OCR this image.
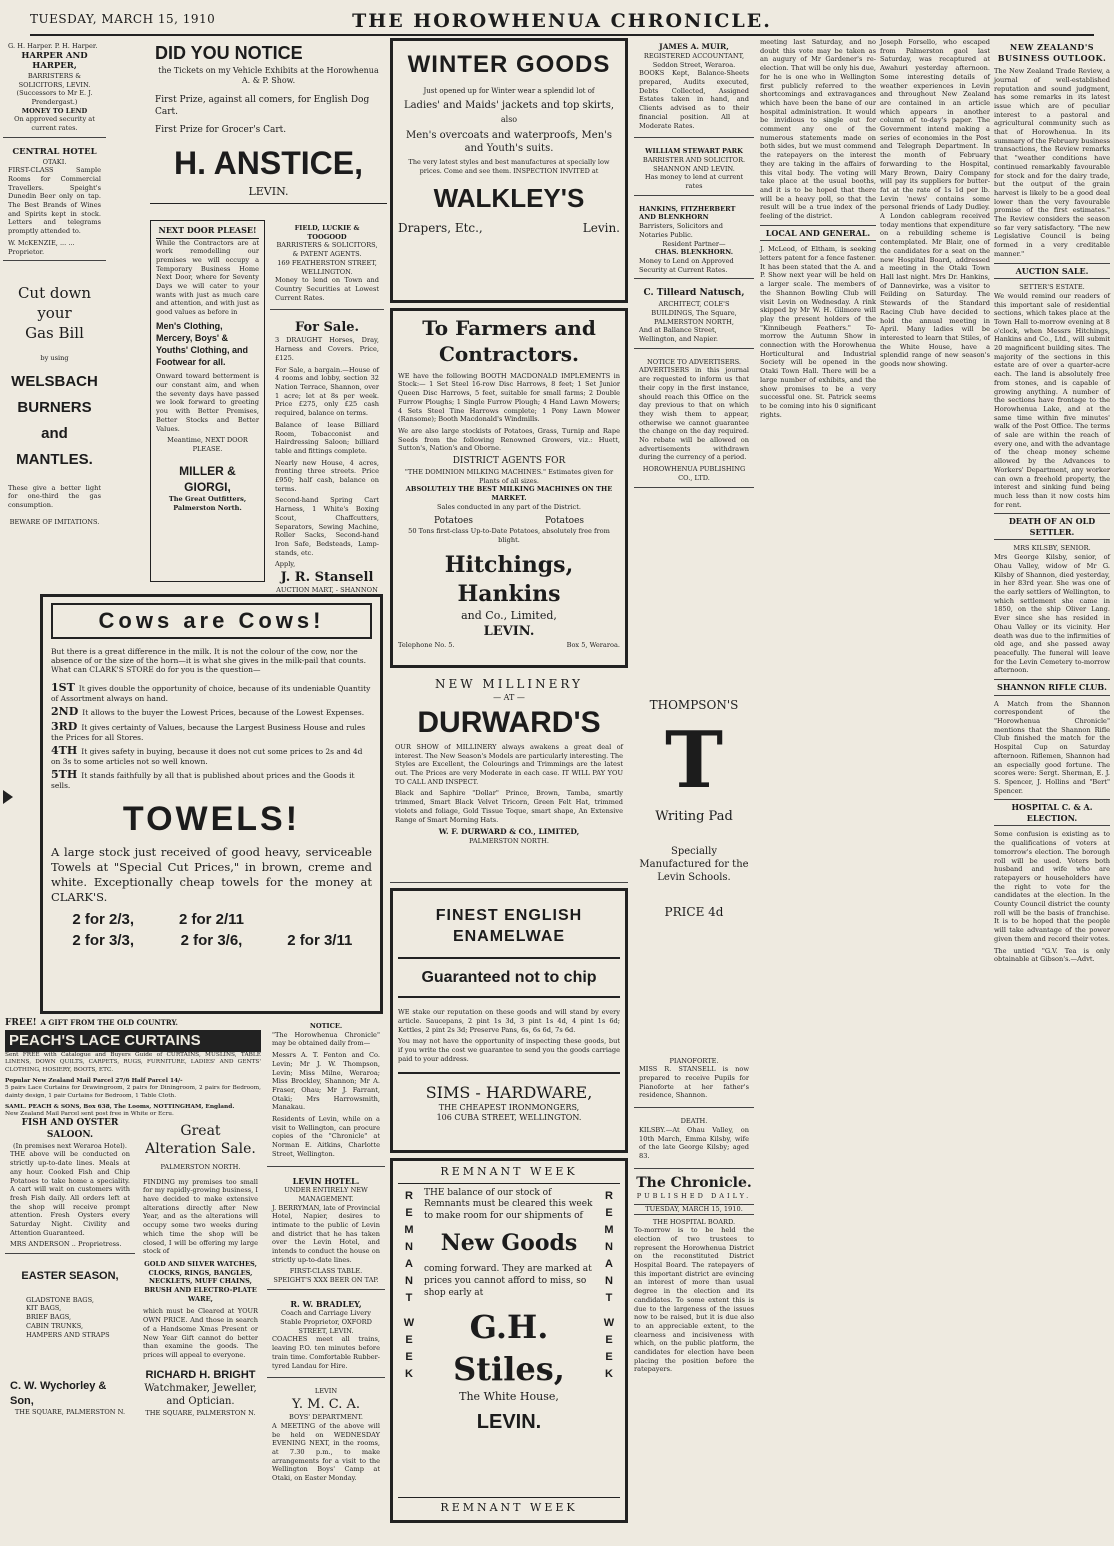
TUESDAY, MARCH 15, 1910	THE HOROWHENUA CHRONICLE.
G. H. Harper. P. H. Harper.
HARPER AND HARPER,
BARRISTERS & SOLICITORS, LEVIN.
(Successors to Mr E. J. Prendergast.)
MONEY TO LEND
On approved security at current rates.
CENTRAL HOTEL
OTAKI.

FIRST-CLASS Sample Rooms for Commercial Travellers. Speight's Dunedin Beer only on tap. The Best Brands of Wines and Spirits kept in stock. Letters and telegrams promptly attended to.

W. McKENZIE, ... ... Proprietor.
Cut down your
Gas Bill
by using
WELSBACH
BURNERS
and
MANTLES.

These give a better light for one-third the gas consumption.

BEWARE OF IMITATIONS.
DID YOU NOTICE
the Tickets on my Vehicle Exhibits at the Horowhenua A. & P. Show.
First Prize, against all comers, for English Dog Cart.
First Prize for Grocer's Cart.
H. ANSTICE,
LEVIN.
NEXT DOOR PLEASE!

While the Contractors are at work remodelling our premises we will occupy a Temporary Business Home Next Door, where for Seventy Days we will cater to your wants with just as much care and attention, and with just as good values as before in

Men's Clothing, Mercery, Boys' & Youths' Clothing, and Footwear for all.

Onward toward betterment is our constant aim, and when the seventy days have passed we look forward to greeting you with Better Premises, Better Stocks and Better Values.

Meantime, NEXT DOOR PLEASE.
MILLER & GIORGI,
The Great Outfitters, Palmerston North.
FIELD, LUCKIE & TOOGOOD
BARRISTERS & SOLICITORS, & PATENT AGENTS.
169 FEATHERSTON STREET, WELLINGTON.

Money to lend on Town and Country Securities at Lowest Current Rates.

For Sale.

3 DRAUGHT Horses, Dray, Harness and Covers. Price, £125.

For Sale, a bargain.—House of 4 rooms and lobby, section 32 Nation Terrace, Shannon, over 1 acre; let at 8s per week. Price £275, only £25 cash required, balance on terms.

Balance of lease Billiard Room, Tobacconist and Hairdressing Saloon; billiard table and fittings complete.

Nearly new House, 4 acres, fronting three streets. Price £950; half cash, balance on terms.

Second-hand Spring Cart Harness, 1 White's Boxing Scout, Chaffcutters, Separators, Sewing Machine, Roller Sacks, Second-hand Iron Safe, Bedsteads, Lamp-stands, etc.

Apply,
J. R. Stansell
AUCTION MART, - SHANNON
Cows are Cows!

But there is a great difference in the milk. It is not the colour of the cow, nor the absence of or the size of the horn—it is what she gives in the milk-pail that counts. What can CLARK'S STORE do for you is the question—

1ST It gives double the opportunity of choice, because of its undeniable Quantity of Assortment always on hand.
2ND It allows to the buyer the Lowest Prices, because of the Lowest Expenses.
3RD It gives certainty of Values, because the Largest Business House and rules the Prices for all Stores.
4TH It gives safety in buying, because it does not cut some prices to 2s and 4d on 3s to some articles not so well known.
5TH It stands faithfully by all that is published about prices and the Goods it sells.
TOWELS!
A large stock just received of good heavy, serviceable Towels at "Special Cut Prices," in brown, creme and white. Exceptionally cheap towels for the money at CLARK'S.
2 for 2/3,	2 for 2/11
2 for 3/3,	2 for 3/6,	2 for 3/11
FREE! A GIFT FROM THE OLD COUNTRY.
PEACH'S LACE CURTAINS

Sent FREE with Catalogue and Buyers Guide of CURTAINS, MUSLINS, TABLE LINENS, DOWN QUILTS, CARPETS, RUGS, FURNITURE, LADIES' AND GENTS' CLOTHING, HOSIERY, BOOTS, ETC.

Popular New Zealand Mail Parcel 27/6 Half Parcel 14/-

5 pairs Lace Curtains for Drawingroom, 2 pairs for Diningroom, 2 pairs for Bedroom, dainty design, 1 pair Curtains for Bedroom, 1 Table Cloth.

SAML. PEACH & SONS, Box 638, The Looms, NOTTINGHAM, England.
New Zealand Mail Parcel sent post free in White or Ecru.
FISH AND OYSTER SALOON.
(In premises next Weraroa Hotel).

THE above will be conducted on strictly up-to-date lines. Meals at any hour. Cooked Fish and Chip Potatoes to take home a speciality. A cart will wait on customers with fresh Fish daily. All orders left at the shop will receive prompt attention. Fresh Oysters every Saturday Night. Civility and Attention Guaranteed.

MRS ANDERSON .. Proprietress.
EASTER SEASON,
GLADSTONE BAGS,
KIT BAGS,
BRIEF BAGS,
CABIN TRUNKS,
HAMPERS AND STRAPS
C. W. Wychorley & Son,
THE SQUARE, PALMERSTON N.
Great Alteration Sale.
PALMERSTON NORTH.

FINDING my premises too small for my rapidly-growing business, I have decided to make extensive alterations directly after New Year, and as the alterations will occupy some two weeks during which time the shop will be closed, I will be offering my large stock of

GOLD AND SILVER WATCHES, CLOCKS, RINGS, BANGLES, NECKLETS, MUFF CHAINS, BRUSH AND ELECTRO-PLATE WARE,

which must be Cleared at YOUR OWN PRICE. And those in search of a Handsome Xmas Present or New Year Gift cannot do better than examine the goods. The prices will appeal to everyone.

RICHARD H. BRIGHT
Watchmaker, Jeweller, and Optician.
THE SQUARE, PALMERSTON N.
NOTICE.

"The Horowhenua Chronicle" may be obtained daily from—

Messrs A. T. Fenton and Co. Levin; Mr J. W. Thompson, Levin; Miss Milne, Weraroa; Miss Brockley, Shannon; Mr A. Fraser, Ohau; Mr J. Farrant, Otaki; Mrs Harrowsmith, Manakau.

Residents of Levin, while on a visit to Wellington, can procure copies of the "Chronicle" at Norman E. Aitkins, Charlotte Street, Wellington.

LEVIN HOTEL.
UNDER ENTIRELY NEW MANAGEMENT.

J. BERRYMAN, late of Provincial Hotel, Napier, desires to intimate to the public of Levin and district that he has taken over the Levin Hotel, and intends to conduct the house on strictly up-to-date lines.

FIRST-CLASS TABLE.
SPEIGHT'S XXX BEER ON TAP.
R. W. BRADLEY,
Coach and Carriage Livery Stable Proprietor, OXFORD STREET, LEVIN.

COACHES meet all trains, leaving P.O. ten minutes before train time. Comfortable Rubber-tyred Landau for Hire.

LEVIN
Y. M. C. A.
BOYS' DEPARTMENT.

A MEETING of the above will be held on WEDNESDAY EVENING NEXT, in the rooms, at 7.30 p.m., to make arrangements for a visit to the Wellington Boys' Camp at Otaki, on Easter Monday.

WINTER GOODS
Just opened up for Winter wear a splendid lot of
Ladies' and Maids' jackets and top skirts,
also
Men's overcoats and waterproofs, Men's and Youth's suits.
The very latest styles and best manufactures at specially low prices. Come and see them. INSPECTION INVITED at
WALKLEY'S
Drapers, Etc.,	Levin.
To Farmers and
Contractors.

WE have the following BOOTH MACDONALD IMPLEMENTS in Stock:— 1 Set Steel 16-row Disc Harrows, 8 feet; 1 Set Junior Queen Disc Harrows, 5 feet, suitable for small farms; 2 Double Furrow Ploughs; 1 Single Furrow Plough; 4 Hand Lawn Mowers; 4 Sets Steel Tine Harrows complete; 1 Pony Lawn Mower (Ransome); Booth Macdonald's Windmills.

We are also large stockists of Potatoes, Grass, Turnip and Rape Seeds from the following Renowned Growers, viz.: Huett, Sutton's, Nation's and Oborne.

DISTRICT AGENTS FOR
"THE DOMINION MILKING MACHINES." Estimates given for Plants of all sizes.
ABSOLUTELY THE BEST MILKING MACHINES ON THE MARKET.
Sales conducted in any part of the District.
Potatoes	Potatoes
50 Tons first-class Up-to-Date Potatoes, absolutely free from blight.
Hitchings, Hankins
and Co., Limited,
LEVIN.
Telephone No. 5.	Box 5, Weraroa.
NEW MILLINERY
— AT —
DURWARD'S

OUR SHOW of MILLINERY always awakens a great deal of interest. The New Season's Models are particularly interesting. The Styles are Excellent, the Colourings and Trimmings are the latest out. The Prices are very Moderate in each case. IT WILL PAY YOU TO CALL AND INSPECT.

Black and Saphire "Dollar" Prince, Brown, Tamba, smartly trimmed, Smart Black Velvet Tricorn, Green Felt Hat, trimmed violets and foliage, Gold Tissue Toque, smart shape, An Extensive Range of Smart Morning Hats.

W. F. DURWARD & CO., LIMITED,
PALMERSTON NORTH.
FINEST ENGLISH
ENAMELWAE
Guaranteed not to chip

WE stake our reputation on these goods and will stand by every article. Saucepans, 2 pint 1s 3d, 3 pint 1s 4d, 4 pint 1s 6d; Kettles, 2 pint 2s 3d; Preserve Pans, 6s, 6s 6d, 7s 6d.

You may not have the opportunity of inspecting these goods, but if you write the cost we guarantee to send you the goods carriage paid to your address.

SIMS - HARDWARE,
THE CHEAPEST IRONMONGERS,
106 CUBA STREET, WELLINGTON.
REMNANT WEEK
R
E
M
N
A
N
T
W
E
E
K

THE balance of our stock of Remnants must be cleared this week to make room for our shipments of

New Goods

coming forward. They are marked at prices you cannot afford to miss, so shop early at

G.H. Stiles,
The White House,
LEVIN.
R
E
M
N
A
N
T
W
E
E
K
REMNANT WEEK
JAMES A. MUIR,
REGISTERED ACCOUNTANT, Seddon Street, Weraroa.

BOOKS Kept, Balance-Sheets prepared, Audits executed, Debts Collected, Assigned Estates taken in hand, and Clients advised as to their financial position. All at Moderate Rates.

WILLIAM STEWART PARK
BARRISTER AND SOLICITOR.
SHANNON AND LEVIN.
Has money to lend at current rates
HANKINS, FITZHERBERT AND BLENKHORN
Barristers, Solicitors and Notaries Public.
Resident Partner—
CHAS. BLENKHORN.
Money to Lend on Approved Security at Current Rates.
C. Tilleard Natusch,
ARCHITECT, COLE'S BUILDINGS, The Square, PALMERSTON NORTH,
And at Ballance Street, Wellington, and Napier.
NOTICE TO ADVERTISERS.

ADVERTISERS in this journal are requested to inform us that their copy in the first instance, should reach this Office on the day previous to that on which they wish them to appear, otherwise we cannot guarantee the change on the day required. No rebate will be allowed on advertisements withdrawn during the currency of a period.

HOROWHENUA PUBLISHING CO., LTD.
PIANOFORTE.

MISS R. STANSELL is now prepared to receive Pupils for Pianoforte at her father's residence, Shannon.

DEATH.

KILSBY.—At Ohau Valley, on 10th March, Emma Kilsby, wife of the late George Kilsby; aged 83.

The Chronicle.
PUBLISHED DAILY.
TUESDAY, MARCH 15, 1910.
THE HOSPITAL BOARD.

To-morrow is to be held the election of two trustees to represent the Horowhenua District on the reconstituted District Hospital Board. The ratepayers of this important district are evincing an interest of more than usual degree in the election and its candidates. To some extent this is due to the largeness of the issues now to be raised, but it is due also to an appreciable extent, to the clearness and incisiveness with which, on the public platform, the candidates for election have been placing the position before the ratepayers.

meeting last Saturday, and no doubt this vote may be taken as an augury of Mr Gardener's re-election. That will be only his due, for he is one who in Wellington first publicly referred to the shortcomings and extravagances which have been the bane of our hospital administration. It would be invidious to single out for comment any one of the numerous statements made on both sides, but we must commend the ratepayers on the interest they are taking in the affairs of this vital body. The voting will take place at the usual booths, and it is to be hoped that there will be a heavy poll, so that the result will be a true index of the feeling of the district.

LOCAL AND GENERAL.

J. McLeod, of Eltham, is seeking letters patent for a fence fastener. It has been stated that the A. and P. Show next year will be held on a larger scale. The members of the Shannon Bowling Club will visit Levin on Wednesday. A rink skipped by Mr W. H. Gilmore will play the present holders of the "Kinnibeugh Feathers." To-morrow the Autumn Show in connection with the Horowhenua Horticultural and Industrial Society will be opened in the Otaki Town Hall. There will be a large number of exhibits, and the show promises to be a very successful one. St. Patrick seems to be coming into his 0 significant rights.

Joseph Forsello, who escaped from Palmerston gaol last Saturday, was recaptured at Awahuri yesterday afternoon. Some interesting details of weather experiences in Levin and throughout New Zealand are contained in an article which appears in another column of to-day's paper. The Government intend making a series of economies in the Post and Telegraph Department. In the month of February forwarding to the Hospital, Mary Brown, Dairy Company will pay its suppliers for butter-fat at the rate of 1s 1d per lb. Levin 'news' contains some personal friends of Lady Dudley. A London cablegram received today mentions that expenditure on a rebuilding scheme is contemplated. Mr Blair, one of the candidates for a seat on the new Hospital Board, addressed a meeting in the Otaki Town Hall last night. Mrs Dr. Hankins, of Dannevirke, was a visitor to Feilding on Saturday. The Stewards of the Standard Racing Club have decided to hold the annual meeting in April. Many ladies will be interested to learn that Stiles, of the White House, have a splendid range of new season's goods now showing.

THOMPSON'S
T
Writing Pad
Specially Manufactured for the Levin Schools.
PRICE 4d
NEW ZEALAND'S BUSINESS OUTLOOK.

The New Zealand Trade Review, a journal of well-established reputation and sound judgment, has some remarks in its latest issue which are of peculiar interest to a pastoral and agricultural community such as that of Horowhenua. In its summary of the February business transactions, the Review remarks that "weather conditions have continued remarkably favourable for stock and for the dairy trade, but the output of the grain harvest is likely to be a good deal lower than the very favourable promise of the first estimates." The Review considers the season so far very satisfactory. "The new Legislative Council is being formed in a very creditable manner."

AUCTION SALE.
SETTER'S ESTATE.

We would remind our readers of this important sale of residential sections, which takes place at the Town Hall to-morrow evening at 8 o'clock, when Messrs Hitchings, Hankins and Co., Ltd., will submit 20 magnificent building sites. The majority of the sections in this estate are of over a quarter-acre each. The land is absolutely free from stones, and is capable of growing anything. A number of the sections have frontage to the Horowhenua Lake, and at the same time within five minutes' walk of the Post Office. The terms of sale are within the reach of every one, and with the advantage of the cheap money scheme allowed by the Advances to Workers' Department, any worker can own a freehold property, the interest and sinking fund being much less than it now costs him for rent.

DEATH OF AN OLD SETTLER.
MRS KILSBY, SENIOR.

Mrs George Kilsby, senior, of Ohau Valley, widow of Mr G. Kilsby of Shannon, died yesterday, in her 83rd year. She was one of the early settlers of Wellington, to which settlement she came in 1850, on the ship Oliver Lang. Ever since she has resided in Ohau Valley or its vicinity. Her death was due to the infirmities of old age, and she passed away peacefully. The funeral will leave for the Levin Cemetery to-morrow afternoon.

SHANNON RIFLE CLUB.

A Match from the Shannon correspondent of the "Horowhenua Chronicle" mentions that the Shannon Rifle Club finished the match for the Hospital Cup on Saturday afternoon. Riflemen, Shannon had an especially good fortune. The scores were: Sergt. Sherman, E. J. S. Spencer, J. Hollins and "Bert" Spencer.

HOSPITAL C. & A. ELECTION.

Some confusion is existing as to the qualifications of voters at tomorrow's election. The borough roll will be used. Voters both husband and wife who are ratepayers or householders have the right to vote for the candidates at the election. In the County Council district the county roll will be the basis of franchise. It is to be hoped that the people will take advantage of the power given them and record their votes.

The untied "G.V. Tea is only obtainable at Gibson's.—Advt.
